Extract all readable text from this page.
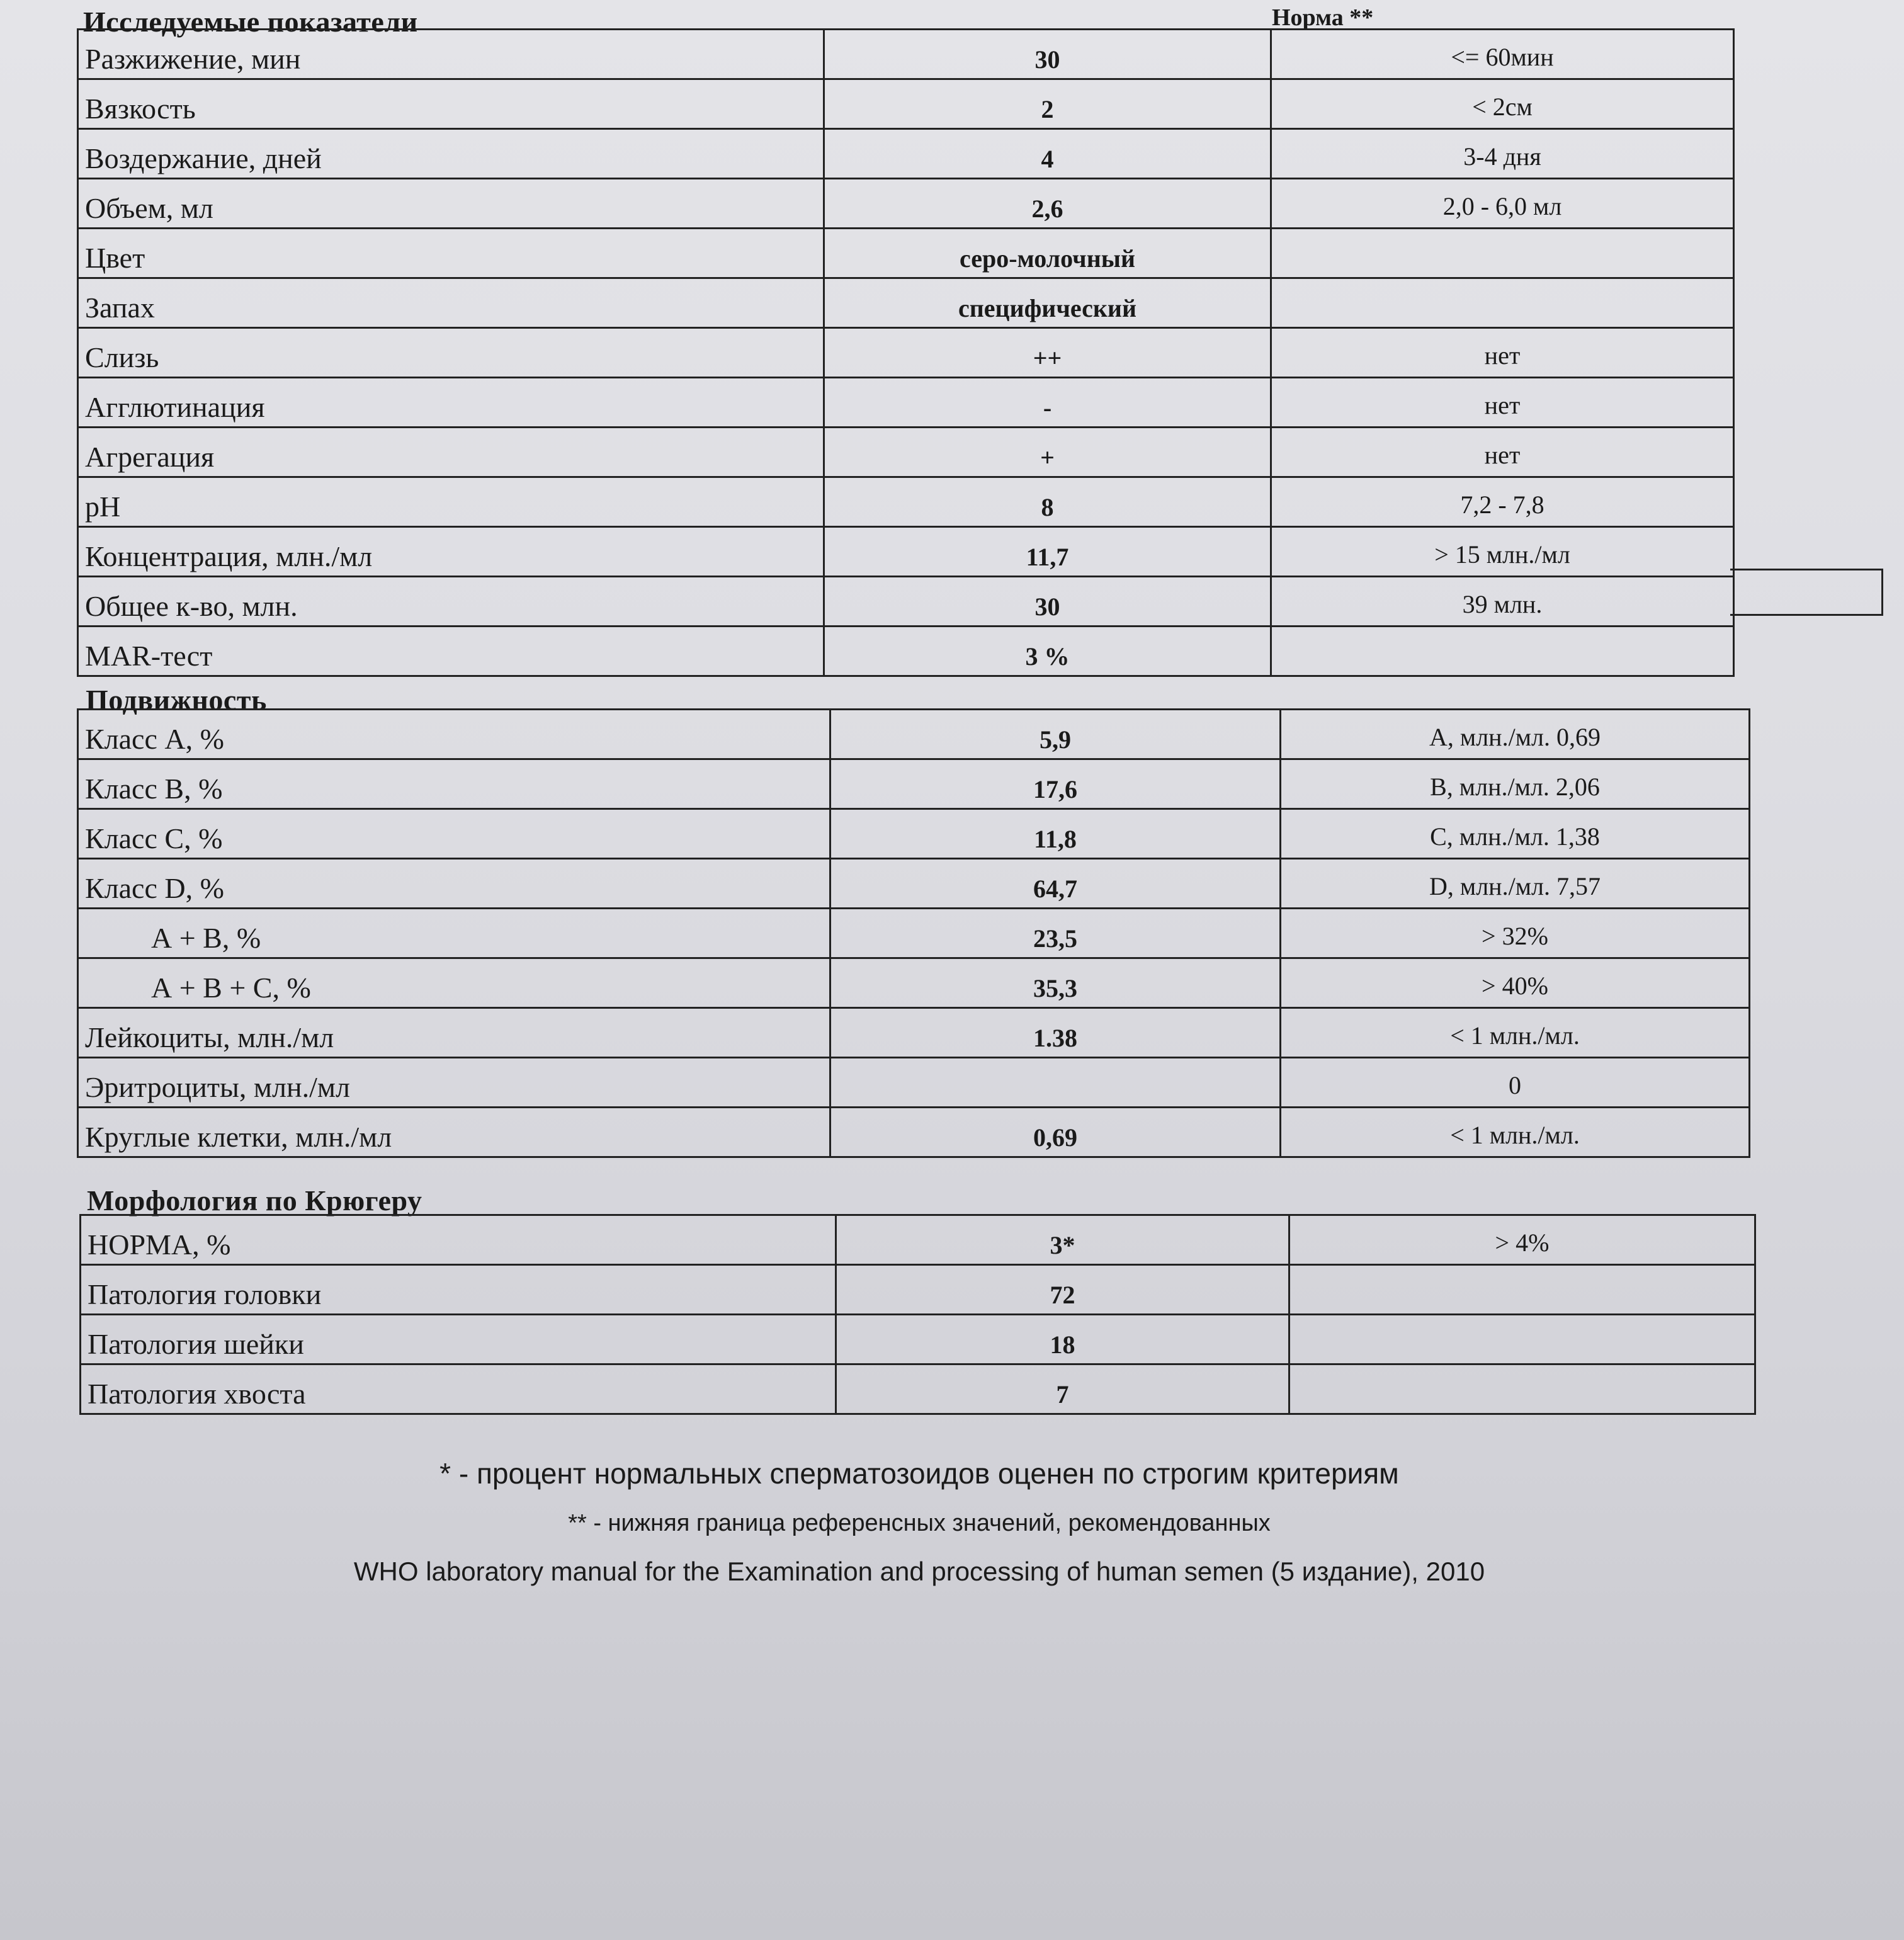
Исследуемые показатели	Норма **
Разжижение, мин	30	<= 60мин
Вязкость	2	< 2см
Воздержание, дней	4	3-4 дня
Объем, мл	2,6	2,0 - 6,0 мл
Цвет	серо-молочный	
Запах	специфический	
Слизь	++	нет
Агглютинация	-	нет
Агрегация	+	нет
pH	8	7,2 - 7,8
Концентрация, млн./мл	11,7	> 15 млн./мл
Общее к-во, млн.	30	39 млн.
MAR-тест	3 %	
Подвижность
Класс А, %	5,9	А, млн./мл. 0,69
Класс В, %	17,6	В, млн./мл. 2,06
Класс С, %	11,8	С, млн./мл. 1,38
Класс D, %	64,7	D, млн./мл. 7,57
А + В, %	23,5	> 32%
А + В + С, %	35,3	> 40%
Лейкоциты, млн./мл	1.38	< 1 млн./мл.
Эритроциты, млн./мл		0
Круглые клетки, млн./мл	0,69	< 1 млн./мл.
Морфология по Крюгеру
НОРМА, %	3*	> 4%
Патология головки	72	
Патология шейки	18	
Патология хвоста	7	
* - процент нормальных сперматозоидов оценен по строгим критериям
** - нижняя граница референсных значений, рекомендованных
WHO laboratory manual for the Examination and processing of human semen (5 издание), 2010
